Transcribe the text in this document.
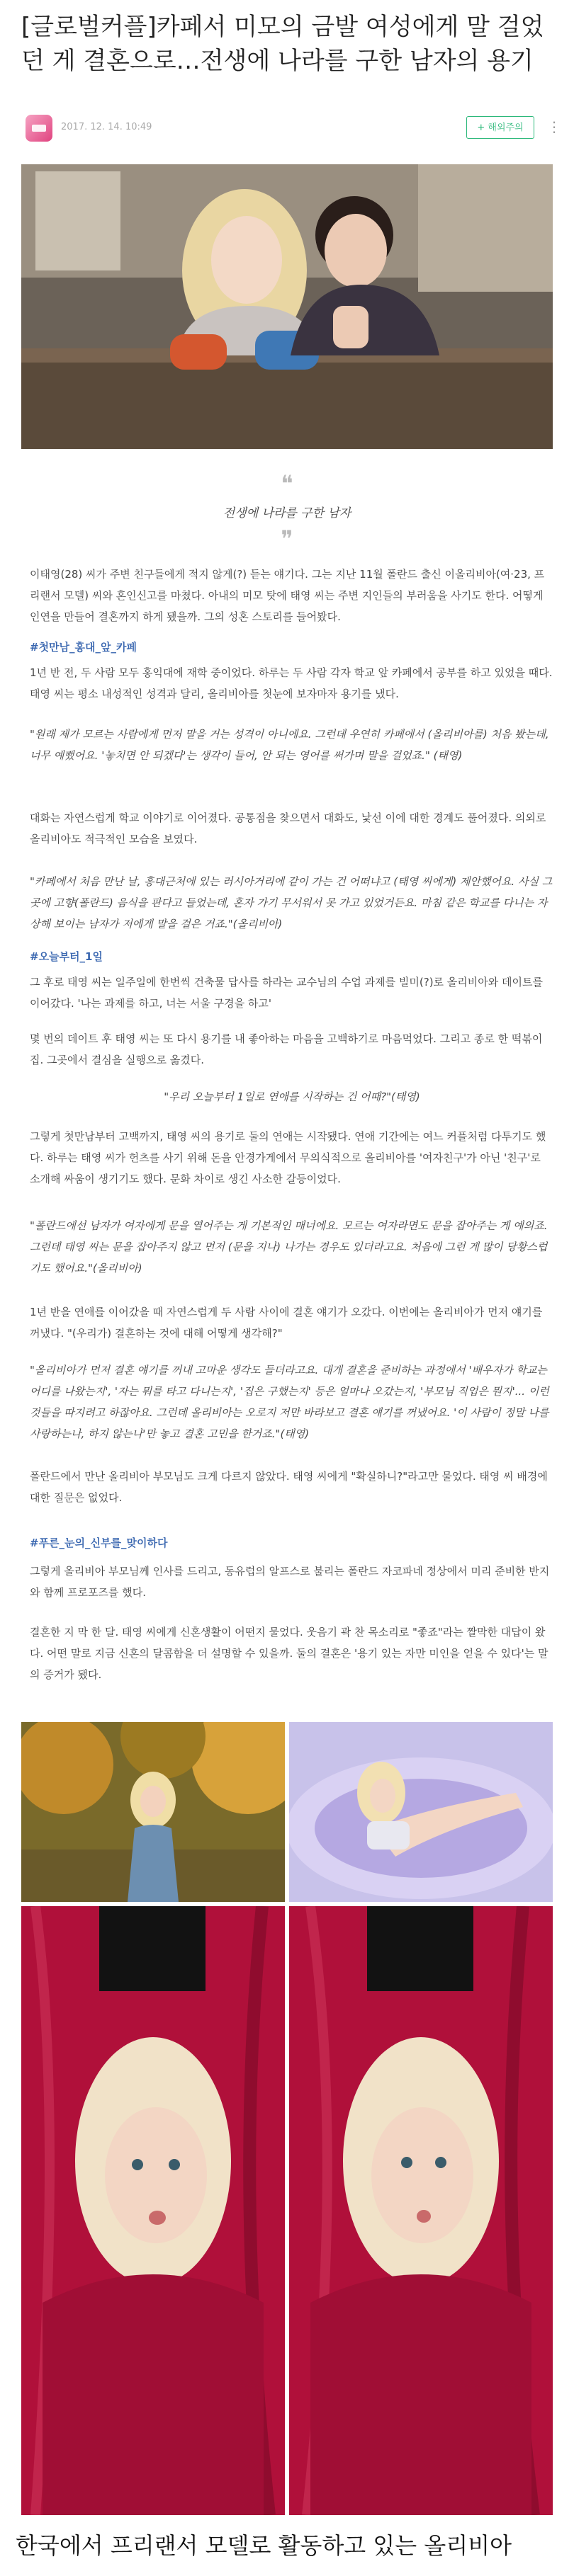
[글로벌커플]카페서 미모의 금발 여성에게 말 걸었던 게 결혼으로…전생에 나라를 구한 남자의 용기
2017. 12. 14. 10:49	+ 해외주의	⋮
❝
전생에 나라를 구한 남자
❞

이태영(28) 씨가 주변 친구들에게 적지 않게(?) 듣는 얘기다. 그는 지난 11월 폴란드 출신 이올리비아(여·23, 프리랜서 모델) 씨와 혼인신고를 마쳤다. 아내의 미모 탓에 태영 씨는 주변 지인들의 부러움을 사기도 한다. 어떻게 인연을 만들어 결혼까지 하게 됐을까. 그의 성혼 스토리를 들어봤다.

#첫만남_홍대_앞_카페

1년 반 전, 두 사람 모두 홍익대에 재학 중이었다. 하루는 두 사람 각자 학교 앞 카페에서 공부를 하고 있었을 때다. 태영 씨는 평소 내성적인 성격과 달리, 올리비아를 첫눈에 보자마자 용기를 냈다.

"원래 제가 모르는 사람에게 먼저 말을 거는 성격이 아니에요. 그런데 우연히 카페에서 (올리비아를) 처음 봤는데, 너무 예뻤어요. '놓치면 안 되겠다'는 생각이 들어, 안 되는 영어를 써가며 말을 걸었죠." (태영)

대화는 자연스럽게 학교 이야기로 이어졌다. 공통점을 찾으면서 대화도, 낯선 이에 대한 경계도 풀어졌다. 의외로 올리비아도 적극적인 모습을 보였다.

"카페에서 처음 만난 날, 홍대근처에 있는 러시아거리에 같이 가는 건 어떠냐고 (태영 씨에게) 제안했어요. 사실 그곳에 고향(폴란드) 음식을 판다고 들었는데, 혼자 가기 무서워서 못 가고 있었거든요. 마침 같은 학교를 다니는 자상해 보이는 남자가 저에게 말을 걸은 거죠."(올리비아)

#오늘부터_1일

그 후로 태영 씨는 일주일에 한번씩 건축물 답사를 하라는 교수님의 수업 과제를 빌미(?)로 올리비아와 데이트를 이어갔다. '나는 과제를 하고, 너는 서울 구경을 하고'

몇 번의 데이트 후 태영 씨는 또 다시 용기를 내 좋아하는 마음을 고백하기로 마음먹었다. 그리고 종로 한 떡볶이 집. 그곳에서 결심을 실행으로 옮겼다.

"우리 오늘부터 1일로 연애를 시작하는 건 어때?"(태영)

그렇게 첫만남부터 고백까지, 태영 씨의 용기로 둘의 연애는 시작됐다. 연애 기간에는 여느 커플처럼 다투기도 했다. 하루는 태영 씨가 헌츠를 사기 위해 돈을 안경가게에서 무의식적으로 올리비아를 '여자친구'가 아닌 '친구'로 소개해 싸움이 생기기도 했다. 문화 차이로 생긴 사소한 갈등이었다.

"폴란드에선 남자가 여자에게 문을 열어주는 게 기본적인 매너에요. 모르는 여자라면도 문을 잡아주는 게 예의죠. 그런데 태영 씨는 문을 잡아주지 않고 먼저 (문을 지나) 나가는 경우도 있더라고요. 처음에 그런 게 많이 당황스럽기도 했어요."(올리비아)

1년 반을 연애를 이어갔을 때 자연스럽게 두 사람 사이에 결혼 얘기가 오갔다. 이번에는 올리비아가 먼저 얘기를 꺼냈다. "(우리가) 결혼하는 것에 대해 어떻게 생각해?"

"올리비아가 먼저 결혼 얘기를 꺼내 고마운 생각도 들더라고요. 대개 결혼을 준비하는 과정에서 '배우자가 학교는 어디를 나왔는지', '자는 뭐를 타고 다니는지', '집은 구했는지' 등은 얼마나 오갔는지, '부모님 직업은 뭔지'... 이런 것들을 따지려고 하잖아요. 그런데 올리비아는 오로지 저만 바라보고 결혼 얘기를 꺼냈어요. '이 사람이 정말 나를 사랑하는나, 하지 않는나'만 놓고 결혼 고민을 한거죠."(태영)

폴란드에서 만난 올리비아 부모님도 크게 다르지 않았다. 태영 씨에게 "확실하니?"라고만 물었다. 태영 씨 배경에 대한 질문은 없었다.

#푸른_눈의_신부를_맞이하다

그렇게 올리비아 부모님께 인사를 드리고, 동유럽의 알프스로 불리는 폴란드 자코파네 정상에서 미리 준비한 반지와 함께 프로포즈를 했다.

결혼한 지 막 한 달. 태영 씨에게 신혼생활이 어떤지 물었다. 웃음기 곽 찬 목소리로 "좋죠"라는 짤막한 대답이 왔다. 어떤 말로 지금 신혼의 달콤함을 더 설명할 수 있을까. 둘의 결혼은 '용기 있는 자만 미인을 얻을 수 있다'는 말의 증거가 됐다.

한국에서 프리랜서 모델로 활동하고 있는 올리비아
